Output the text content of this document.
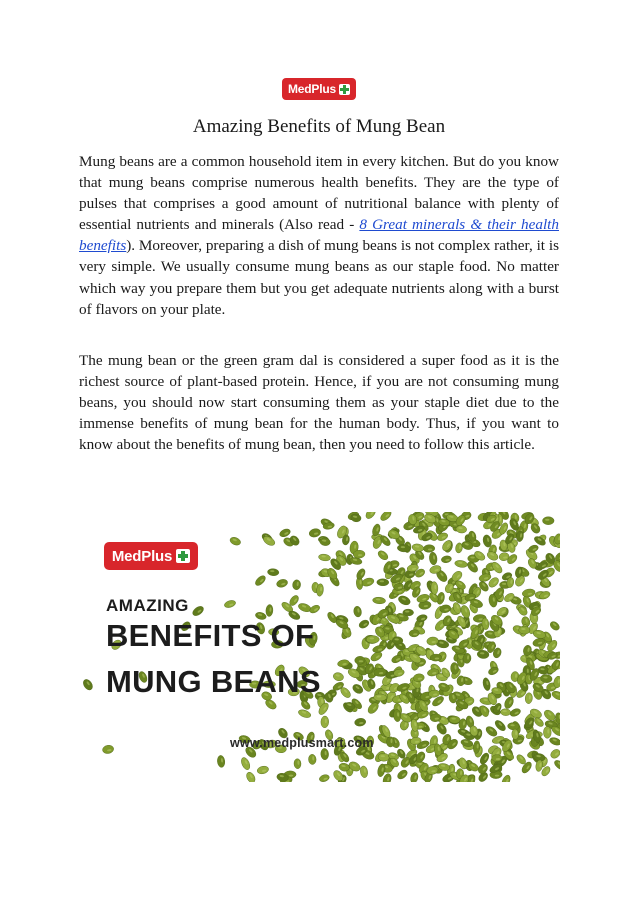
MedPlus
Amazing Benefits of Mung Bean

Mung beans are a common household item in every kitchen. But do you know that mung beans comprise numerous health benefits. They are the type of pulses that comprises a good amount of nutritional balance with plenty of essential nutrients and minerals (Also read - 8 Great minerals & their health benefits). Moreover, preparing a dish of mung beans is not complex rather, it is very simple. We usually consume mung beans as our staple food. No matter which way you prepare them but you get adequate nutrients along with a burst of flavors on your plate.

The mung bean or the green gram dal is considered a super food as it is the richest source of plant-based protein. Hence, if you are not consuming mung beans, you should now start consuming them as your staple diet due to the immense benefits of mung bean for the human body. Thus, if you want to know about the benefits of mung bean, then you need to follow this article.

MedPlus

AMAZING

BENEFITS OF

MUNG BEANS

www.medplusmart.com
